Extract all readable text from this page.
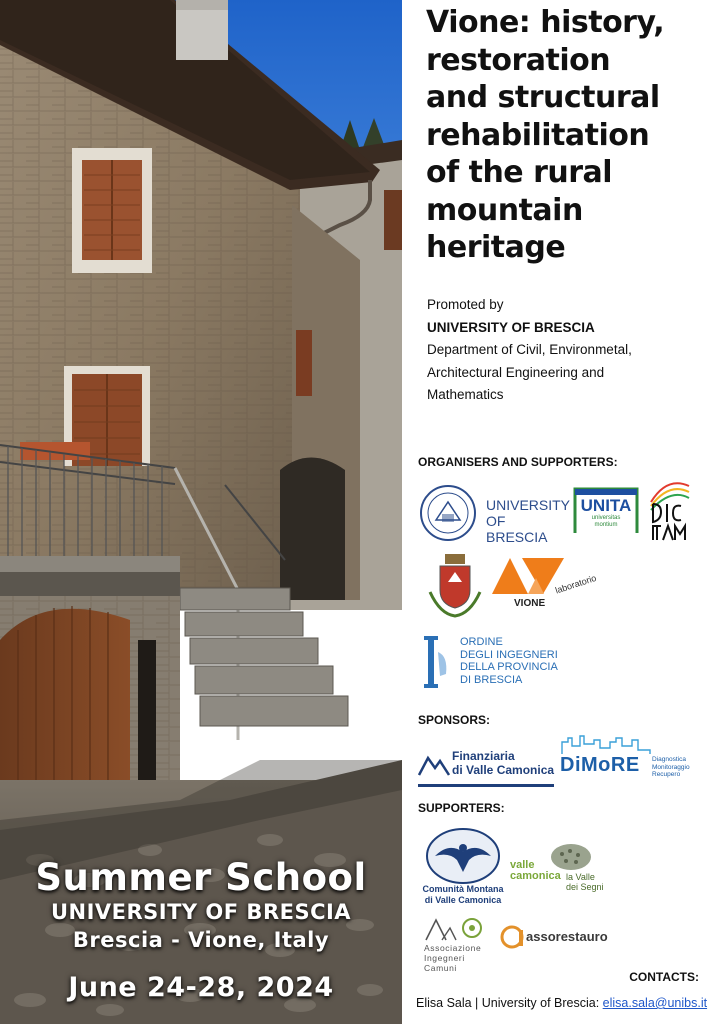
Summer School
UNIVERSITY OF BRESCIA
Brescia - Vione, Italy
June 24-28, 2024
Vione: history,
restoration
and structural
rehabilitation
of the rural
mountain
heritage
Promoted by
UNIVERSITY OF BRESCIA
Department of Civil, Environmetal,
Architectural Engineering and
Mathematics
ORGANISERS AND SUPPORTERS:
UNIVERSITY
OF BRESCIA
UNITA
universitas
montium
VIONE
laboratorio
ORDINE
DEGLI INGEGNERI
DELLA PROVINCIA
DI BRESCIA
SPONSORS:
Finanziaria
di Valle Camonica DiMoRE Diagnostica
Monitoraggio
Recupero
SUPPORTERS:
Comunità Montana
di Valle Camonica
valle
camonica la Valle
dei Segni
Associazione
Ingegneri
Camuni
assorestauro
CONTACTS:
Elisa Sala | University of Brescia: elisa.sala@unibs.it
